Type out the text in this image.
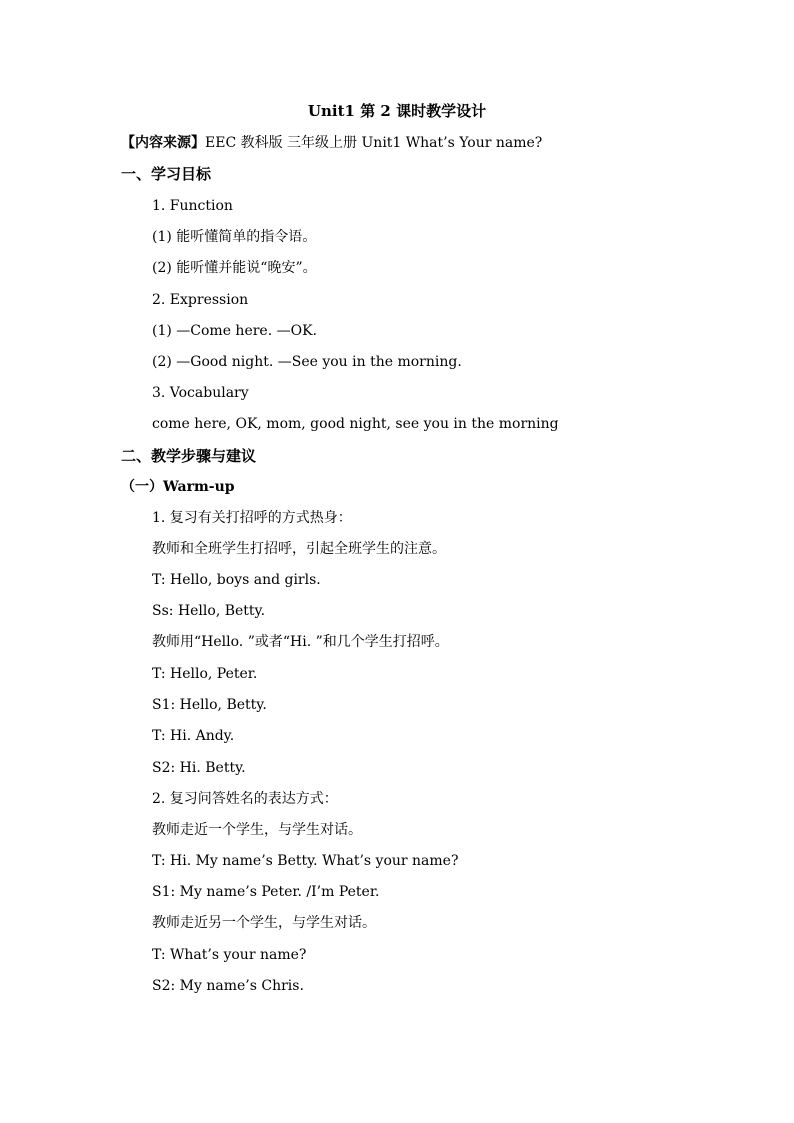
Unit1 第 2 课时教学设计
【内容来源】EEC 教科版 三年级上册 Unit1 What’s Your name?
一、学习目标
1. Function
(1) 能听懂简单的指令语。
(2) 能听懂并能说“晚安”。
2. Expression
(1) —Come here. —OK.
(2) —Good night. —See you in the morning.
3. Vocabulary
come here, OK, mom, good night, see you in the morning
二、教学步骤与建议
（一）Warm-up
1. 复习有关打招呼的方式热身：
教师和全班学生打招呼，引起全班学生的注意。
T: Hello, boys and girls.
Ss: Hello, Betty.
教师用“Hello. ”或者“Hi. ”和几个学生打招呼。
T: Hello, Peter.
S1: Hello, Betty.
T: Hi. Andy.
S2: Hi. Betty.
2. 复习问答姓名的表达方式：
教师走近一个学生，与学生对话。
T: Hi. My name’s Betty. What’s your name?
S1: My name’s Peter. /I’m Peter.
教师走近另一个学生，与学生对话。
T: What’s your name?
S2: My name’s Chris.
